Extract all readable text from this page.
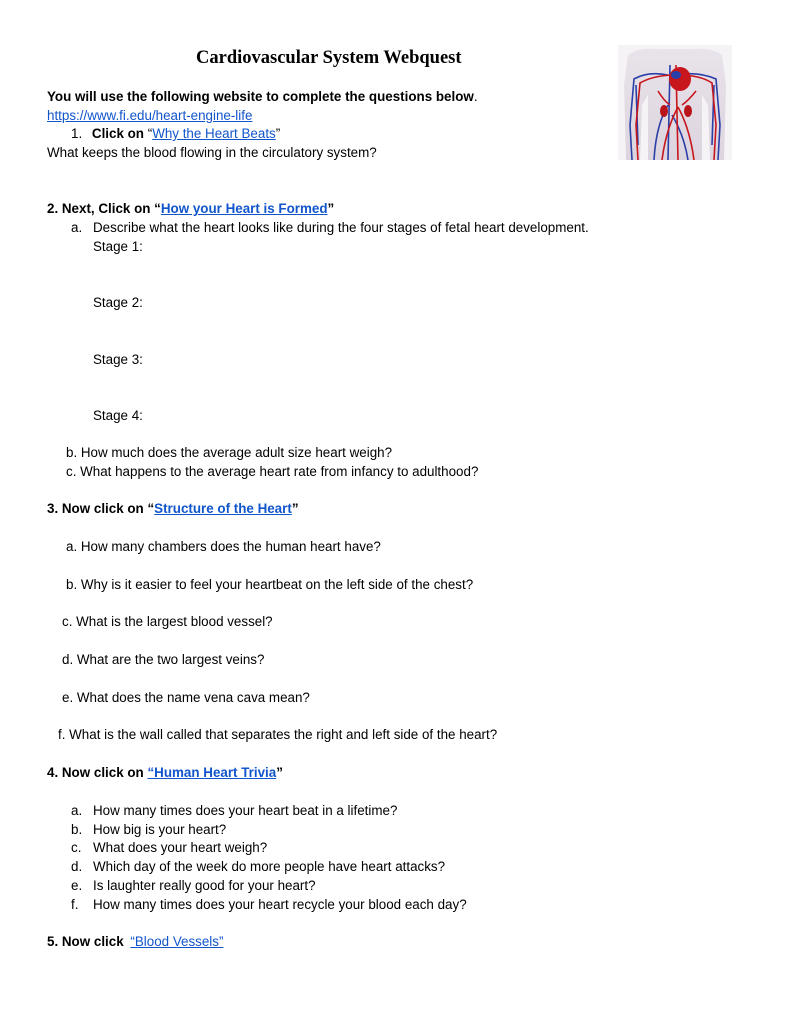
Cardiovascular System Webquest
You will use the following website to complete the questions below.
https://www.fi.edu/heart-engine-life
1. Click on “Why the Heart Beats”
What keeps the blood flowing in the circulatory system?
2. Next, Click on “How your Heart is Formed”
a. Describe what the heart looks like during the four stages of fetal heart development.
Stage 1:
Stage 2:
Stage 3:
Stage 4:
b. How much does the average adult size heart weigh?
c. What happens to the average heart rate from infancy to adulthood?
3. Now click on “Structure of the Heart”
a. How many chambers does the human heart have?
b. Why is it easier to feel your heartbeat on the left side of the chest?
c. What is the largest blood vessel?
d. What are the two largest veins?
e. What does the name vena cava mean?
f. What is the wall called that separates the right and left side of the heart?
4. Now click on “Human Heart Trivia”
a. How many times does your heart beat in a lifetime?
b. How big is your heart?
c. What does your heart weigh?
d. Which day of the week do more people have heart attacks?
e. Is laughter really good for your heart?
f. How many times does your heart recycle your blood each day?
5. Now click “Blood Vessels”
